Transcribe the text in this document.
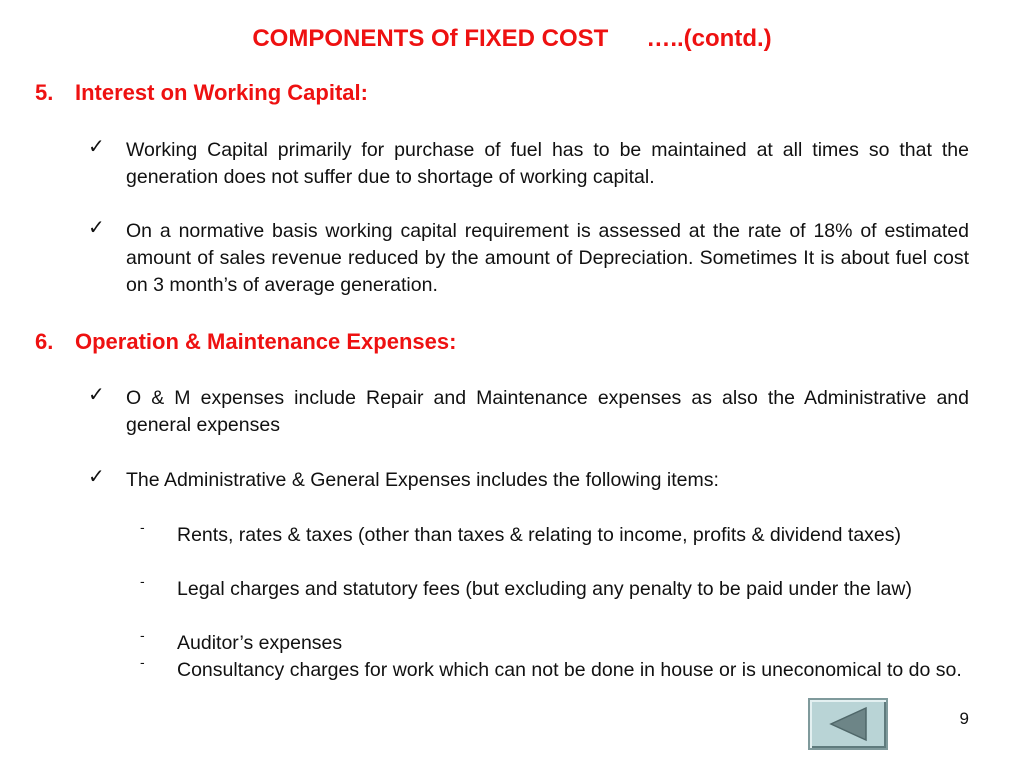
COMPONENTS Of FIXED COST …..(contd.)
5. Interest on Working Capital:
✓ Working Capital primarily for purchase of fuel has to be maintained at all times so that the generation does not suffer due to shortage of working capital.
✓ On a normative basis working capital requirement is assessed at the rate of 18% of estimated amount of sales revenue reduced by the amount of Depreciation. Sometimes It is about fuel cost on 3 month’s of average generation.
6. Operation & Maintenance Expenses:
✓ O & M expenses include Repair and Maintenance expenses as also the Administrative and general expenses
✓ The Administrative & General Expenses includes the following items:
- Rents, rates & taxes (other than taxes & relating to income, profits & dividend taxes)
- Legal charges and statutory fees (but excluding any penalty to be paid under the law)
- Auditor’s expenses
- Consultancy charges for work which can not be done in house or is uneconomical to do so.
9
